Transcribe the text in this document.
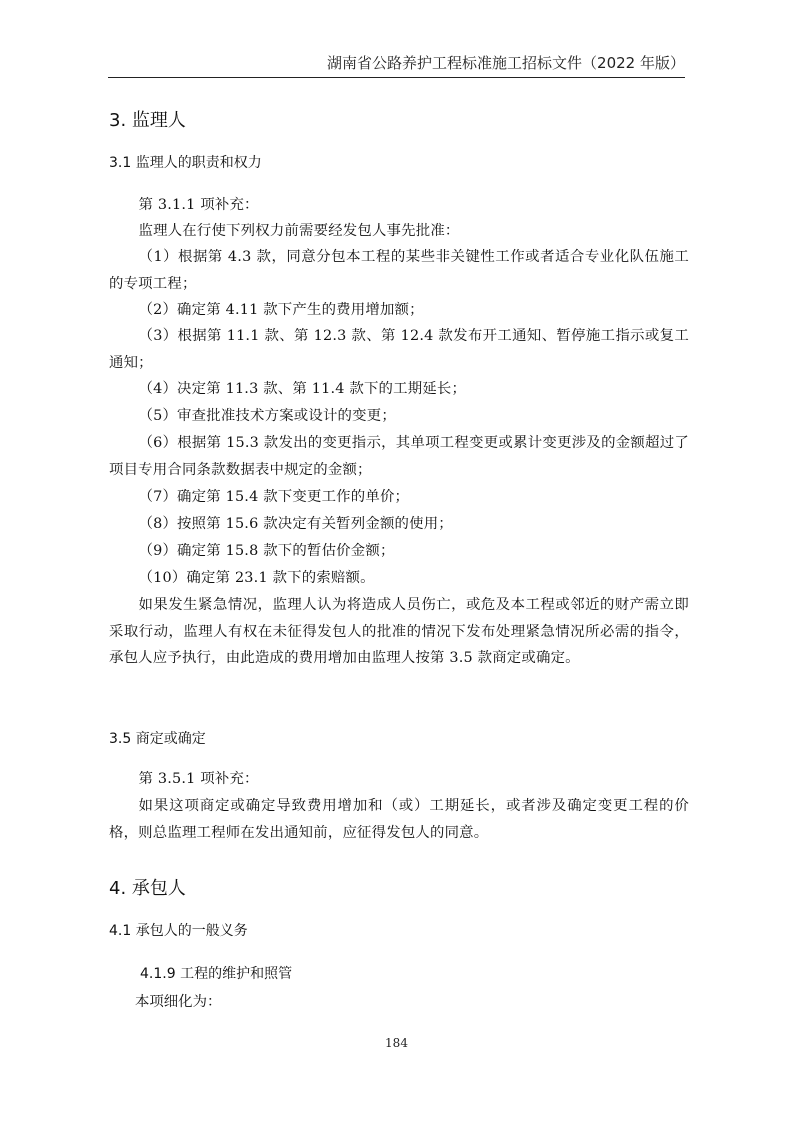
湖南省公路养护工程标准施工招标文件（2022 年版）
3. 监理人
3.1 监理人的职责和权力

第 3.1.1 项补充：

监理人在行使下列权力前需要经发包人事先批准：

（1）根据第 4.3 款，同意分包本工程的某些非关键性工作或者适合专业化队伍施工的专项工程；

（2）确定第 4.11 款下产生的费用增加额；

（3）根据第 11.1 款、第 12.3 款、第 12.4 款发布开工通知、暂停施工指示或复工通知；

（4）决定第 11.3 款、第 11.4 款下的工期延长；

（5）审查批准技术方案或设计的变更；

（6）根据第 15.3 款发出的变更指示，其单项工程变更或累计变更涉及的金额超过了项目专用合同条款数据表中规定的金额；

（7）确定第 15.4 款下变更工作的单价；

（8）按照第 15.6 款决定有关暂列金额的使用；

（9）确定第 15.8 款下的暂估价金额；

（10）确定第 23.1 款下的索赔额。

如果发生紧急情况，监理人认为将造成人员伤亡，或危及本工程或邻近的财产需立即采取行动，监理人有权在未征得发包人的批准的情况下发布处理紧急情况所必需的指令，承包人应予执行，由此造成的费用增加由监理人按第 3.5 款商定或确定。

3.5 商定或确定

第 3.5.1 项补充：

如果这项商定或确定导致费用增加和（或）工期延长，或者涉及确定变更工程的价格，则总监理工程师在发出通知前，应征得发包人的同意。

4. 承包人
4.1 承包人的一般义务
4.1.9 工程的维护和照管

本项细化为：

184
